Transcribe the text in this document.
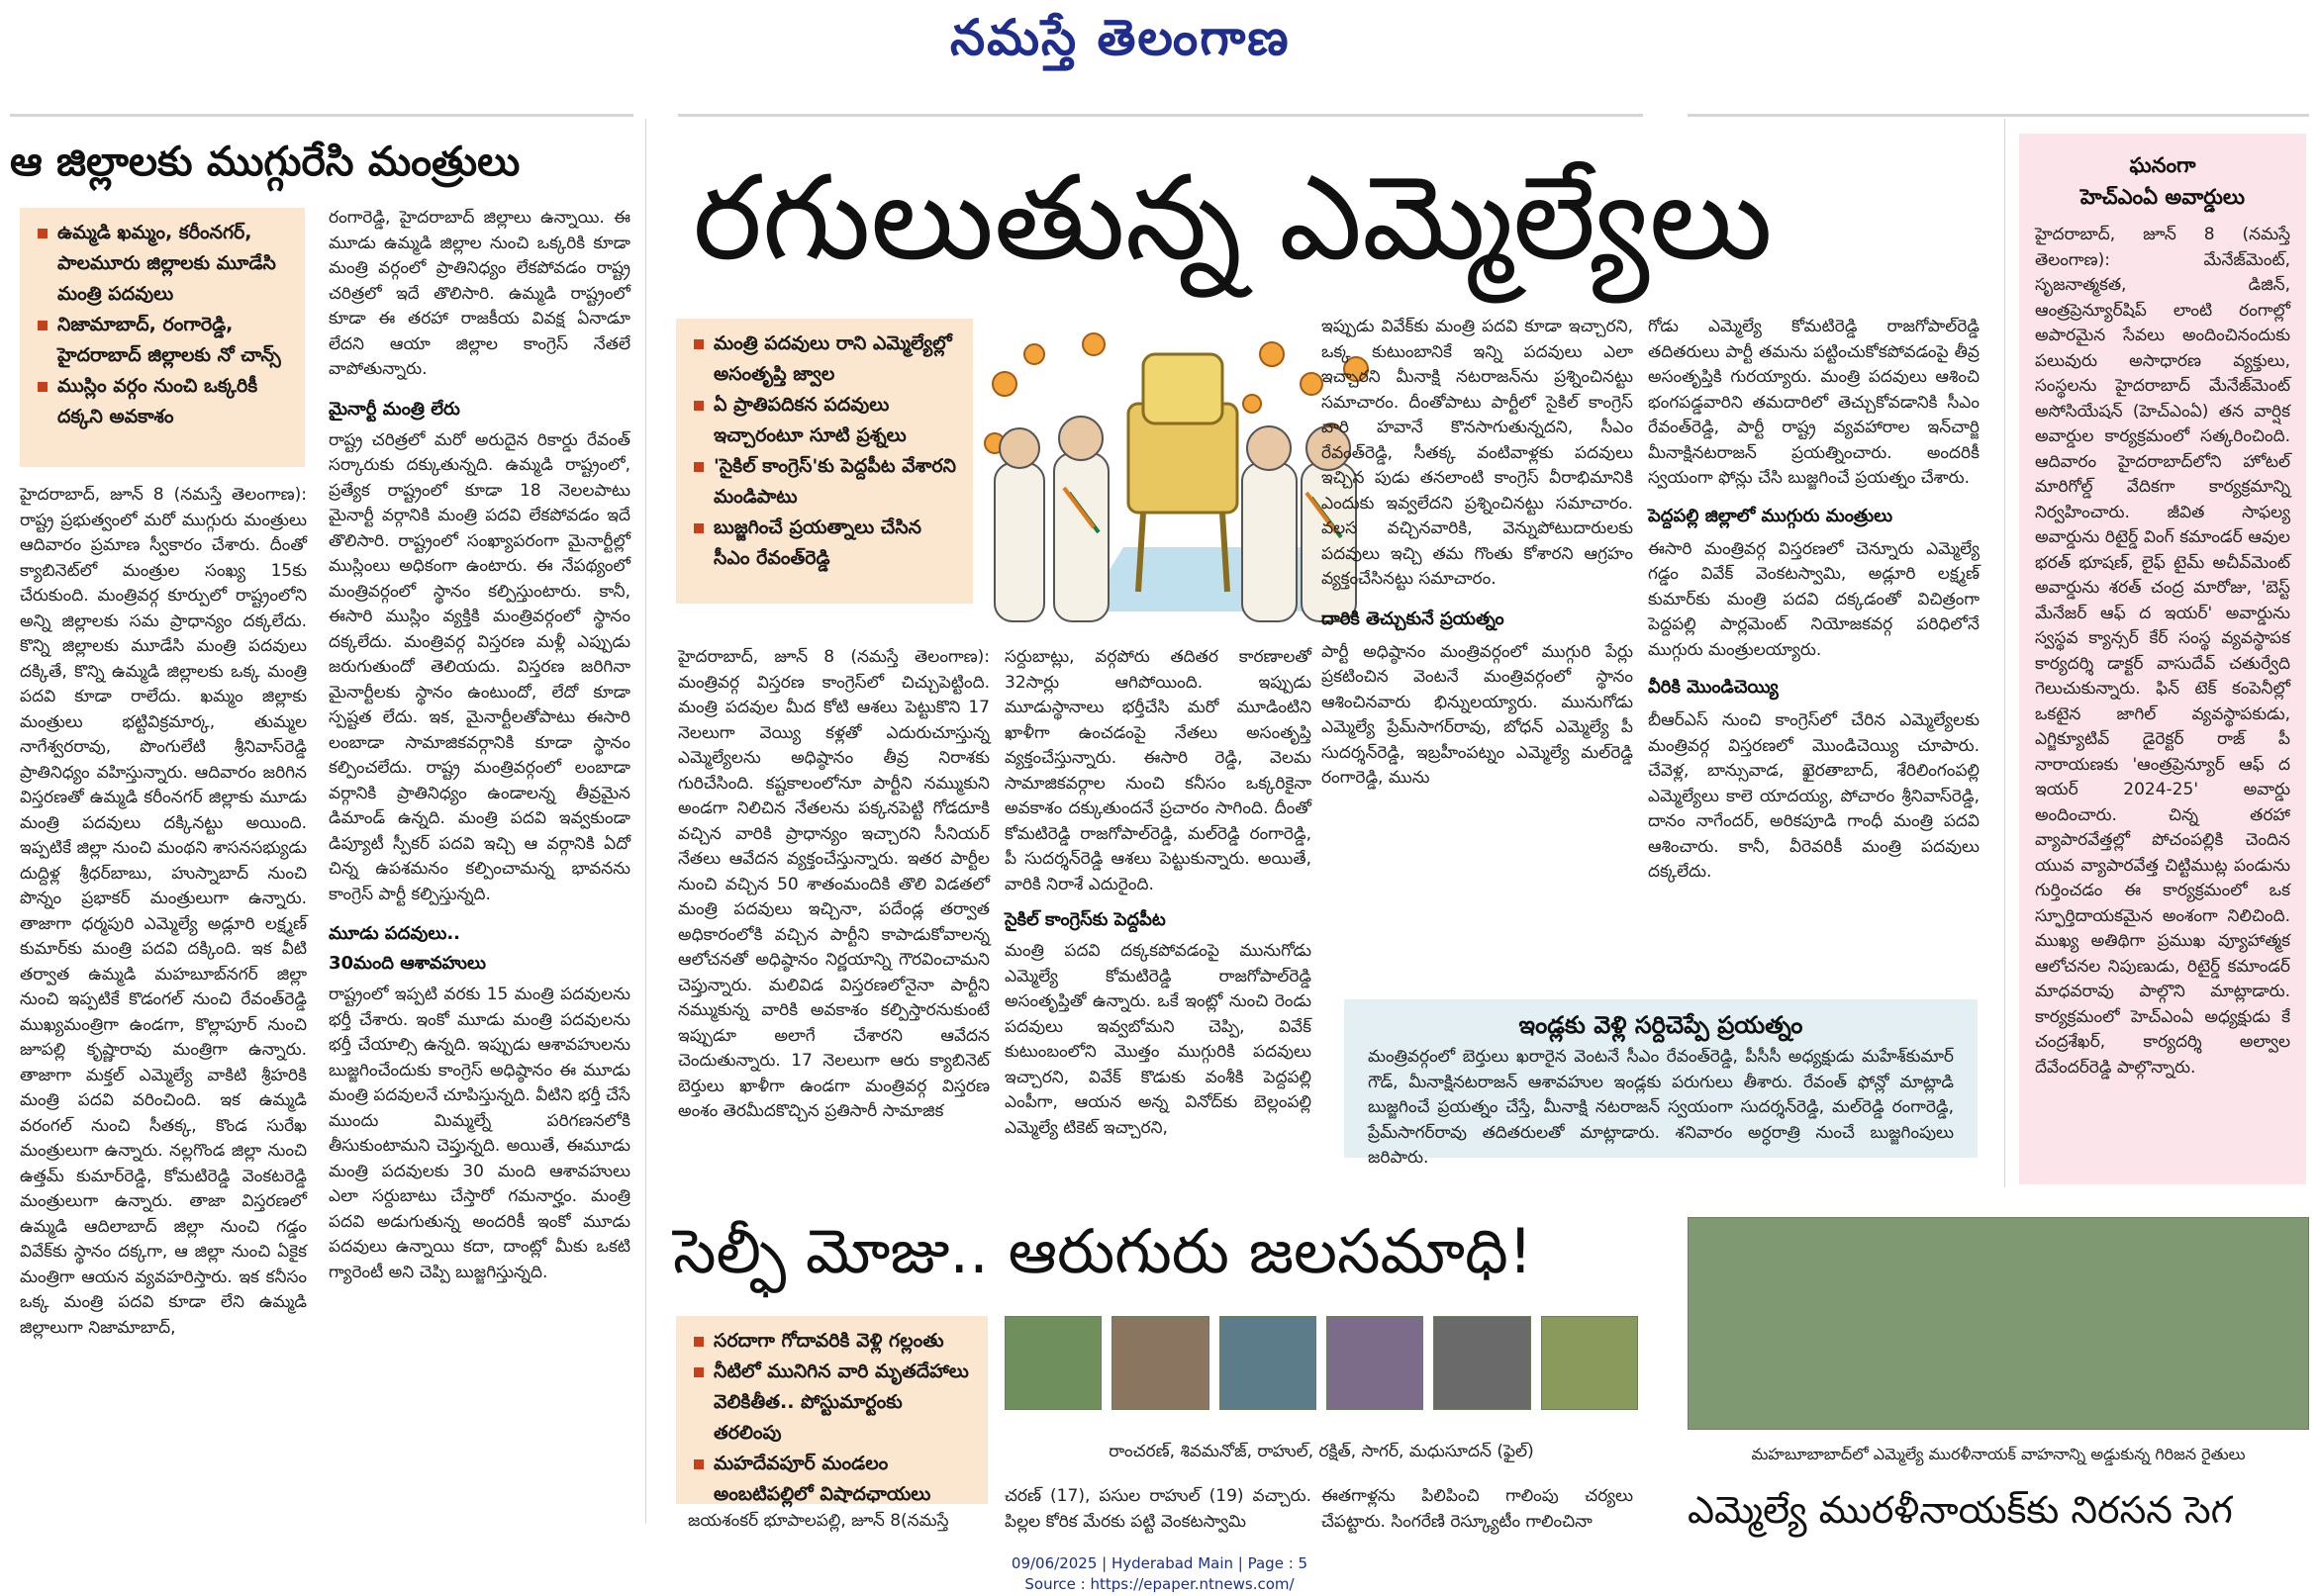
నమస్తే తెలంగాణ
ఆ జిల్లాలకు ముగ్గురేసి మంత్రులు
ఉమ్మడి ఖమ్మం, కరీంనగర్, పాలమూరు జిల్లాలకు మూడేసి మంత్రి పదవులు
నిజామాబాద్, రంగారెడ్డి, హైదరాబాద్ జిల్లాలకు నో చాన్స్
ముస్లిం వర్గం నుంచి ఒక్కరికీ దక్కని అవకాశం

హైదరాబాద్, జూన్ 8 (నమస్తే తెలంగాణ): రాష్ట్ర ప్రభుత్వంలో మరో ముగ్గురు మంత్రులు ఆదివారం ప్రమాణ స్వీకారం చేశారు. దీంతో క్యాబినెట్‌లో మంత్రుల సంఖ్య 15కు చేరుకుంది. మంత్రివర్గ కూర్పులో రాష్ట్రంలోని అన్ని జిల్లాలకు సమ ప్రాధాన్యం దక్కలేదు. కొన్ని జిల్లాలకు మూడేసి మంత్రి పదవులు దక్కితే, కొన్ని ఉమ్మడి జిల్లాలకు ఒక్క మంత్రి పదవి కూడా రాలేదు. ఖమ్మం జిల్లాకు మంత్రులు భట్టివిక్రమార్క, తుమ్మల నాగేశ్వరరావు, పొంగులేటి శ్రీనివాస్‌రెడ్డి ప్రాతినిధ్యం వహిస్తున్నారు. ఆదివారం జరిగిన విస్తరణతో ఉమ్మడి కరీంనగర్ జిల్లాకు మూడు మంత్రి పదవులు దక్కినట్టు అయింది. ఇప్పటికే జిల్లా నుంచి మంథని శాసనసభ్యుడు దుద్దిళ్ల శ్రీధర్‌బాబు, హుస్నాబాద్ నుంచి పొన్నం ప్రభాకర్ మంత్రులుగా ఉన్నారు. తాజాగా ధర్మపురి ఎమ్మెల్యే అడ్లూరి లక్ష్మణ్ కుమార్‌కు మంత్రి పదవి దక్కింది. ఇక వీటి తర్వాత ఉమ్మడి మహబూబ్‌నగర్ జిల్లా నుంచి ఇప్పటికే కొడంగల్ నుంచి రేవంత్‌రెడ్డి ముఖ్యమంత్రిగా ఉండగా, కొల్లాపూర్ నుంచి జూపల్లి కృష్ణారావు మంత్రిగా ఉన్నారు. తాజాగా మక్తల్ ఎమ్మెల్యే వాకిటి శ్రీహరికి మంత్రి పదవి వరించింది. ఇక ఉమ్మడి వరంగల్ నుంచి సీతక్క, కొండ సురేఖ మంత్రులుగా ఉన్నారు. నల్లగొండ జిల్లా నుంచి ఉత్తమ్ కుమార్‌రెడ్డి, కోమటిరెడ్డి వెంకటరెడ్డి మంత్రులుగా ఉన్నారు. తాజా విస్తరణలో ఉమ్మడి ఆదిలాబాద్ జిల్లా నుంచి గడ్డం వివేక్‌కు స్థానం దక్కగా, ఆ జిల్లా నుంచి ఏకైక మంత్రిగా ఆయన వ్యవహరిస్తారు. ఇక కనీసం ఒక్క మంత్రి పదవి కూడా లేని ఉమ్మడి జిల్లాలుగా నిజామాబాద్,

రంగారెడ్డి, హైదరాబాద్ జిల్లాలు ఉన్నాయి. ఈ మూడు ఉమ్మడి జిల్లాల నుంచి ఒక్కరికి కూడా మంత్రి వర్గంలో ప్రాతినిధ్యం లేకపోవడం రాష్ట్ర చరిత్రలో ఇదే తొలిసారి. ఉమ్మడి రాష్ట్రంలో కూడా ఈ తరహా రాజకీయ వివక్ష ఏనాడూ లేదని ఆయా జిల్లాల కాంగ్రెస్ నేతలే వాపోతున్నారు.

మైనార్టీ మంత్రి లేరు

రాష్ట్ర చరిత్రలో మరో అరుదైన రికార్డు రేవంత్ సర్కారుకు దక్కుతున్నది. ఉమ్మడి రాష్ట్రంలో, ప్రత్యేక రాష్ట్రంలో కూడా 18 నెలలపాటు మైనార్టీ వర్గానికి మంత్రి పదవి లేకపోవడం ఇదే తొలిసారి. రాష్ట్రంలో సంఖ్యాపరంగా మైనార్టీల్లో ముస్లింలు అధికంగా ఉంటారు. ఈ నేపథ్యంలో మంత్రివర్గంలో స్థానం కల్పిస్తుంటారు. కానీ, ఈసారి ముస్లిం వ్యక్తికి మంత్రివర్గంలో స్థానం దక్కలేదు. మంత్రివర్గ విస్తరణ మళ్లీ ఎప్పుడు జరుగుతుందో తెలియదు. విస్తరణ జరిగినా మైనార్టీలకు స్థానం ఉంటుందో, లేదో కూడా స్పష్టత లేదు. ఇక, మైనార్టీలతోపాటు ఈసారి లంబాడా సామాజికవర్గానికి కూడా స్థానం కల్పించలేదు. రాష్ట్ర మంత్రివర్గంలో లంబాడా వర్గానికి ప్రాతినిధ్యం ఉండాలన్న తీవ్రమైన డిమాండ్ ఉన్నది. మంత్రి పదవి ఇవ్వకుండా డిప్యూటీ స్పీకర్ పదవి ఇచ్చి ఆ వర్గానికి ఏదో చిన్న ఉపశమనం కల్పించామన్న భావనను కాంగ్రెస్ పార్టీ కల్పిస్తున్నది.

మూడు పదవులు..
30మంది ఆశావహులు

రాష్ట్రంలో ఇప్పటి వరకు 15 మంత్రి పదవులను భర్తీ చేశారు. ఇంకో మూడు మంత్రి పదవులను భర్తీ చేయాల్సి ఉన్నది. ఇప్పుడు ఆశావహులను బుజ్జగించేందుకు కాంగ్రెస్ అధిష్ఠానం ఈ మూడు మంత్రి పదవులనే చూపిస్తున్నది. వీటిని భర్తీ చేసే ముందు మిమ్మల్నే పరిగణనలోకి తీసుకుంటామని చెప్తున్నది. అయితే, ఈమూడు మంత్రి పదవులకు 30 మంది ఆశావహులు ఎలా సర్దుబాటు చేస్తారో గమనార్హం. మంత్రి పదవి అడుగుతున్న అందరికీ ఇంకో మూడు పదవులు ఉన్నాయి కదా, దాంట్లో మీకు ఒకటి గ్యారెంటీ అని చెప్పి బుజ్జగిస్తున్నది.

రగులుతున్న ఎమ్మెల్యేలు
మంత్రి పదవులు రాని ఎమ్మెల్యేల్లో అసంతృప్తి జ్వాల
ఏ ప్రాతిపదికన పదవులు ఇచ్చారంటూ సూటి ప్రశ్నలు
'సైకిల్ కాంగ్రెస్'కు పెద్దపీట వేశారని మండిపాటు
బుజ్జగించే ప్రయత్నాలు చేసిన సీఎం రేవంత్‌రెడ్డి

హైదరాబాద్, జూన్ 8 (నమస్తే తెలంగాణ): మంత్రివర్గ విస్తరణ కాంగ్రెస్‌లో చిచ్చుపెట్టింది. మంత్రి పదవుల మీద కోటి ఆశలు పెట్టుకొని 17 నెలలుగా వెయ్యి కళ్లతో ఎదురుచూస్తున్న ఎమ్మెల్యేలను అధిష్ఠానం తీవ్ర నిరాశకు గురిచేసింది. కష్టకాలంలోనూ పార్టీని నమ్ముకుని అండగా నిలిచిన నేతలను పక్కనపెట్టి గోడదూకి వచ్చిన వారికి ప్రాధాన్యం ఇచ్చారని సీనియర్ నేతలు ఆవేదన వ్యక్తంచేస్తున్నారు. ఇతర పార్టీల నుంచి వచ్చిన 50 శాతంమందికి తొలి విడతలో మంత్రి పదవులు ఇచ్చినా, పదేండ్ల తర్వాత అధికారంలోకి వచ్చిన పార్టీని కాపాడుకోవాలన్న ఆలోచనతో అధిష్ఠానం నిర్ణయాన్ని గౌరవించామని చెప్తున్నారు. మలివిడ విస్తరణలోనైనా పార్టీని నమ్ముకున్న వారికి అవకాశం కల్పిస్తారనుకుంటే ఇప్పుడూ అలాగే చేశారని ఆవేదన చెందుతున్నారు. 17 నెలలుగా ఆరు క్యాబినెట్ బెర్తులు ఖాళీగా ఉండగా మంత్రివర్గ విస్తరణ అంశం తెరమీదకొచ్చిన ప్రతిసారీ సామాజిక

సర్దుబాట్లు, వర్గపోరు తదితర కారణాలతో 32సార్లు ఆగిపోయింది. ఇప్పుడు మూడుస్థానాలు భర్తీచేసి మరో మూడింటిని ఖాళీగా ఉంచడంపై నేతలు అసంతృప్తి వ్యక్తంచేస్తున్నారు. ఈసారి రెడ్డి, వెలమ సామాజికవర్గాల నుంచి కనీసం ఒక్కరికైనా అవకాశం దక్కుతుందనే ప్రచారం సాగింది. దీంతో కోమటిరెడ్డి రాజగోపాల్‌రెడ్డి, మల్‌రెడ్డి రంగారెడ్డి, పీ సుదర్శన్‌రెడ్డి ఆశలు పెట్టుకున్నారు. అయితే, వారికి నిరాశే ఎదురైంది.

సైకిల్ కాంగ్రెస్‌కు పెద్దపీట

మంత్రి పదవి దక్కకపోవడంపై మునుగోడు ఎమ్మెల్యే కోమటిరెడ్డి రాజగోపాల్‌రెడ్డి అసంతృప్తితో ఉన్నారు. ఒకే ఇంట్లో నుంచి రెండు పదవులు ఇవ్వబోమని చెప్పి, వివేక్ కుటుంబంలోని మొత్తం ముగ్గురికి పదవులు ఇచ్చారని, వివేక్ కొడుకు వంశీకి పెద్దపల్లి ఎంపీగా, ఆయన అన్న వినోద్‌కు బెల్లంపల్లి ఎమ్మెల్యే టికెట్ ఇచ్చారని,

ఇప్పుడు వివేక్‌కు మంత్రి పదవి కూడా ఇచ్చారని, ఒక్క కుటుంబానికే ఇన్ని పదవులు ఎలా ఇచ్చారని మీనాక్షి నటరాజన్‌ను ప్రశ్నించినట్టు సమాచారం. దీంతోపాటు పార్టీలో సైకిల్ కాంగ్రెస్ వారి హవానే కొనసాగుతున్నదని, సీఎం రేవంత్‌రెడ్డి, సీతక్క వంటివాళ్లకు పదవులు ఇచ్చిన పుడు తనలాంటి కాంగ్రెస్ వీరాభిమానికి ఎందుకు ఇవ్వలేదని ప్రశ్నించినట్టు సమాచారం. వలస వచ్చినవారికి, వెన్నుపోటుదారులకు పదవులు ఇచ్చి తమ గొంతు కోశారని ఆగ్రహం వ్యక్తంచేసినట్టు సమాచారం.

దారికి తెచ్చుకునే ప్రయత్నం

పార్టీ అధిష్ఠానం మంత్రివర్గంలో ముగ్గురి పేర్లు ప్రకటించిన వెంటనే మంత్రివర్గంలో స్థానం ఆశించినవారు భిన్నులయ్యారు. మునుగోడు ఎమ్మెల్యే ప్రేమ్‌సాగర్‌రావు, బోధన్ ఎమ్మెల్యే పీ సుదర్శన్‌రెడ్డి, ఇబ్రహీంపట్నం ఎమ్మెల్యే మల్‌రెడ్డి రంగారెడ్డి, మును

గోడు ఎమ్మెల్యే కోమటిరెడ్డి రాజగోపాల్‌రెడ్డి తదితరులు పార్టీ తమను పట్టించుకోకపోవడంపై తీవ్ర అసంతృప్తికి గురయ్యారు. మంత్రి పదవులు ఆశించి భంగపడ్డవారిని తమదారిలో తెచ్చుకోవడానికి సీఎం రేవంత్‌రెడ్డి, పార్టీ రాష్ట్ర వ్యవహారాల ఇన్‌చార్జి మీనాక్షినటరాజన్ ప్రయత్నించారు. అందరికీ స్వయంగా ఫోన్లు చేసి బుజ్జగించే ప్రయత్నం చేశారు.

పెద్దపల్లి జిల్లాలో ముగ్గురు మంత్రులు

ఈసారి మంత్రివర్గ విస్తరణలో చెన్నూరు ఎమ్మెల్యే గడ్డం వివేక్ వెంకటస్వామి, అడ్లూరి లక్ష్మణ్ కుమార్‌కు మంత్రి పదవి దక్కడంతో విచిత్రంగా పెద్దపల్లి పార్లమెంట్ నియోజకవర్గ పరిధిలోనే ముగ్గురు మంత్రులయ్యారు.

వీరికి మొండిచెయ్యి

బీఆర్‌ఎస్ నుంచి కాంగ్రెస్‌లో చేరిన ఎమ్మెల్యేలకు మంత్రివర్గ విస్తరణలో మొండిచెయ్యి చూపారు. చేవెళ్ల, బాన్సువాడ, ఖైరతాబాద్, శేరిలింగంపల్లి ఎమ్మెల్యేలు కాలె యాదయ్య, పోచారం శ్రీనివాస్‌రెడ్డి, దానం నాగేందర్, అరికపూడి గాంధీ మంత్రి పదవి ఆశించారు. కానీ, వీరెవరికీ మంత్రి పదవులు దక్కలేదు.

ఇండ్లకు వెళ్లి సర్దిచెప్పే ప్రయత్నం
మంత్రివర్గంలో బెర్తులు ఖరారైన వెంటనే సీఎం రేవంత్‌రెడ్డి, పీసీసీ అధ్యక్షుడు మహేశ్‌కుమార్ గౌడ్, మీనాక్షినటరాజన్ ఆశావహుల ఇండ్లకు పరుగులు తీశారు. రేవంత్ ఫోన్లో మాట్లాడి బుజ్జగించే ప్రయత్నం చేస్తే, మీనాక్షి నటరాజన్ స్వయంగా సుదర్శన్‌రెడ్డి, మల్‌రెడ్డి రంగారెడ్డి, ప్రేమ్‌సాగర్‌రావు తదితరులతో మాట్లాడారు. శనివారం అర్ధరాత్రి నుంచే బుజ్జగింపులు జరిపారు.
ఘనంగా
హెచ్‌ఎంఏ అవార్డులు
హైదరాబాద్, జూన్ 8 (నమస్తే తెలంగాణ): మేనేజ్‌మెంట్, సృజనాత్మకత, డిజిన్, ఆంత్రప్రెన్యూర్‌షిప్ లాంటి రంగాల్లో అపారమైన సేవలు అందించినందుకు పలువురు అసాధారణ వ్యక్తులు, సంస్థలను హైదరాబాద్ మేనేజ్‌మెంట్ అసోసియేషన్ (హెచ్‌ఎంఏ) తన వార్షిక అవార్డుల కార్యక్రమంలో సత్కరించింది. ఆదివారం హైదరాబాద్‌లోని హోటల్ మారిగోల్డ్ వేదికగా కార్యక్రమాన్ని నిర్వహించారు. జీవిత సాఫల్య అవార్డును రిటైర్డ్ వింగ్ కమాండర్ ఆవుల భరత్ భూషణ్, లైఫ్ టైమ్ అచీవ్‌మెంట్ అవార్డును శరత్ చంద్ర మారోజు, 'బెస్ట్ మేనేజర్ ఆఫ్ ద ఇయర్' అవార్డును స్వస్థవ క్యాన్సర్ కేర్ సంస్థ వ్యవస్థాపక కార్యదర్శి డాక్టర్ వాసుదేవ్ చతుర్వేది గెలుచుకున్నారు. ఫిన్ టెక్ కంపెనీల్లో ఒకటైన జాగిల్ వ్యవస్థాపకుడు, ఎగ్జిక్యూటివ్ డైరెక్టర్ రాజ్ పీ నారాయణకు 'ఆంత్రప్రెన్యూర్ ఆఫ్ ద ఇయర్ 2024-25' అవార్డు అందించారు. చిన్న తరహా వ్యాపారవేత్తల్లో పోచంపల్లికి చెందిన యువ వ్యాపారవేత్త చిట్టిముట్ల పండును గుర్తించడం ఈ కార్యక్రమంలో ఒక స్ఫూర్తిదాయకమైన అంశంగా నిలిచింది. ముఖ్య అతిథిగా ప్రముఖ వ్యూహాత్మక ఆలోచనల నిపుణుడు, రిటైర్డ్ కమాండర్ మాధవరావు పాల్గొని మాట్లాడారు. కార్యక్రమంలో హెచ్‌ఎంఏ అధ్యక్షుడు కే చంద్రశేఖర్, కార్యదర్శి అల్వాల దేవేందర్‌రెడ్డి పాల్గొన్నారు.
సెల్ఫీ మోజు.. ఆరుగురు జలసమాధి!
సరదాగా గోదావరికి వెళ్లి గల్లంతు
నీటిలో మునిగిన వారి మృతదేహాలు వెలికితీత.. పోస్టుమార్టంకు తరలింపు
మహదేవపూర్ మండలం అంబటిపల్లిలో విషాదఛాయలు
రాంచరణ్, శివమనోజ్, రాహుల్, రక్షిత్, సాగర్, మధుసూదన్ (ఫైల్)
జయశంకర్ భూపాలపల్లి, జూన్ 8(నమస్తే
చరణ్ (17), పసుల రాహుల్ (19) వచ్చారు. పిల్లల కోరిక మేరకు పట్టి వెంకటస్వామి
ఈతగాళ్లను పిలిపించి గాలింపు చర్యలు చేపట్టారు. సింగరేణి రెస్క్యూటీం గాలించినా
మహబూబాబాద్‌లో ఎమ్మెల్యే మురళీనాయక్ వాహనాన్ని అడ్డుకున్న గిరిజన రైతులు
ఎమ్మెల్యే మురళీనాయక్‌కు నిరసన సెగ
09/06/2025 | Hyderabad Main | Page : 5
Source : https://epaper.ntnews.com/
